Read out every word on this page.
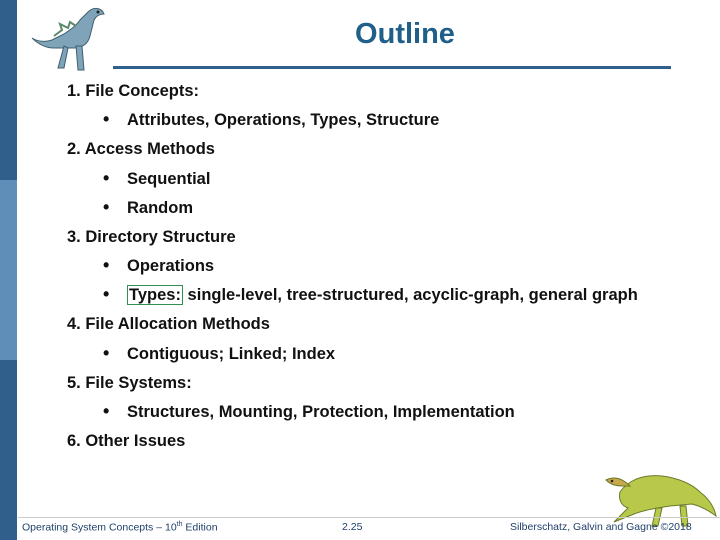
Outline
1. File Concepts:
• Attributes, Operations, Types, Structure
2. Access Methods
• Sequential
• Random
3. Directory Structure
• Operations
• Types: single-level, tree-structured, acyclic-graph, general graph
4. File Allocation Methods
• Contiguous; Linked; Index
5. File Systems:
• Structures, Mounting, Protection, Implementation
6. Other Issues
Operating System Concepts – 10th Edition	2.25	Silberschatz, Galvin and Gagne ©2018
